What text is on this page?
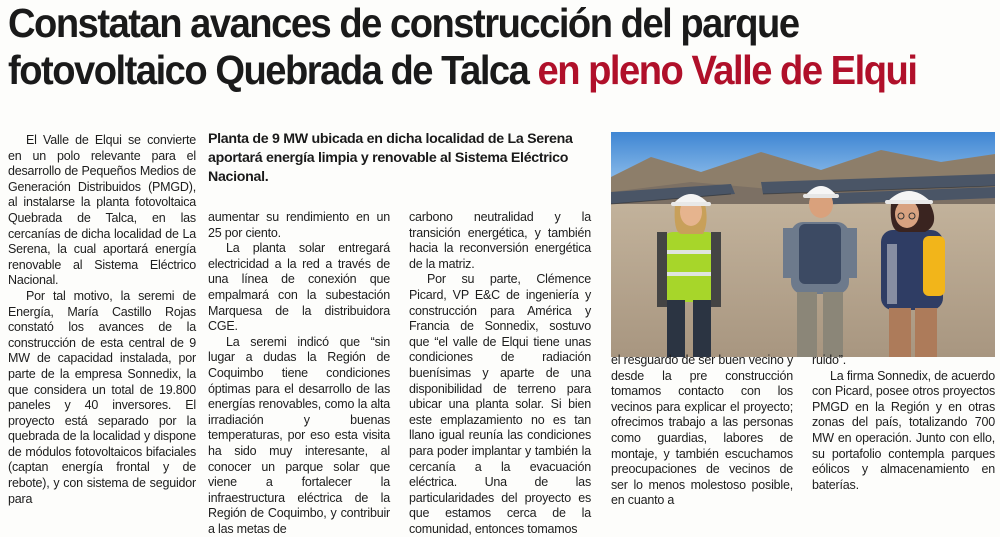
Constatan avances de construcción del parque
fotovoltaico Quebrada de Talca en pleno Valle de Elqui

El Valle de Elqui se convierte en un polo relevante para el desarrollo de Pequeños Medios de Generación Distribuidos (PMGD), al instalarse la planta fotovoltaica Quebrada de Talca, en las cercanías de dicha localidad de La Serena, la cual aportará energía renovable al Sistema Eléctrico Nacional.

Por tal motivo, la seremi de Energía, María Castillo Rojas constató los avances de la construcción de esta central de 9 MW de capacidad instalada, por parte de la empresa Sonnedix, la que considera un total de 19.800 paneles y 40 inversores. El proyecto está separado por la quebrada de la localidad y dispone de módulos fotovoltaicos bifaciales (captan energía frontal y de rebote), y con sistema de seguidor para

Planta de 9 MW ubicada en dicha localidad de La Serena aportará energía limpia y renovable al Sistema Eléctrico Nacional.

aumentar su rendimiento en un 25 por ciento.

La planta solar entregará electricidad a la red a través de una línea de conexión que empalmará con la subestación Marquesa de la distribuidora CGE.

La seremi indicó que “sin lugar a dudas la Región de Coquimbo tiene condiciones óptimas para el desarrollo de las energías renovables, como la alta irradiación y buenas temperaturas, por eso esta visita ha sido muy interesante, al conocer un parque solar que viene a fortalecer la infraestructura eléctrica de la Región de Coquimbo, y contribuir a las metas de

carbono neutralidad y la transición energética, y también hacia la reconversión energética de la matriz.

Por su parte, Clémence Picard, VP E&C de ingeniería y construcción para América y Francia de Sonnedix, sostuvo que “el valle de Elqui tiene unas condiciones de radiación buenísimas y aparte de una disponibilidad de terreno para ubicar una planta solar. Si bien este emplazamiento no es tan llano igual reunía las condiciones para poder implantar y también la cercanía a la evacuación eléctrica. Una de las particularidades del proyecto es que estamos cerca de la comunidad, entonces tomamos

el resguardo de ser buen vecino y desde la pre construcción tomamos contacto con los vecinos para explicar el proyecto; ofrecimos trabajo a las personas como guardias, labores de montaje, y también escuchamos preocupaciones de vecinos de ser lo menos molestoso posible, en cuanto a

ruido”.

La firma Sonnedix, de acuerdo con Picard, posee otros proyectos PMGD en la Región y en otras zonas del país, totalizando 700 MW en operación. Junto con ello, su portafolio contempla parques eólicos y almacenamiento en baterías.
